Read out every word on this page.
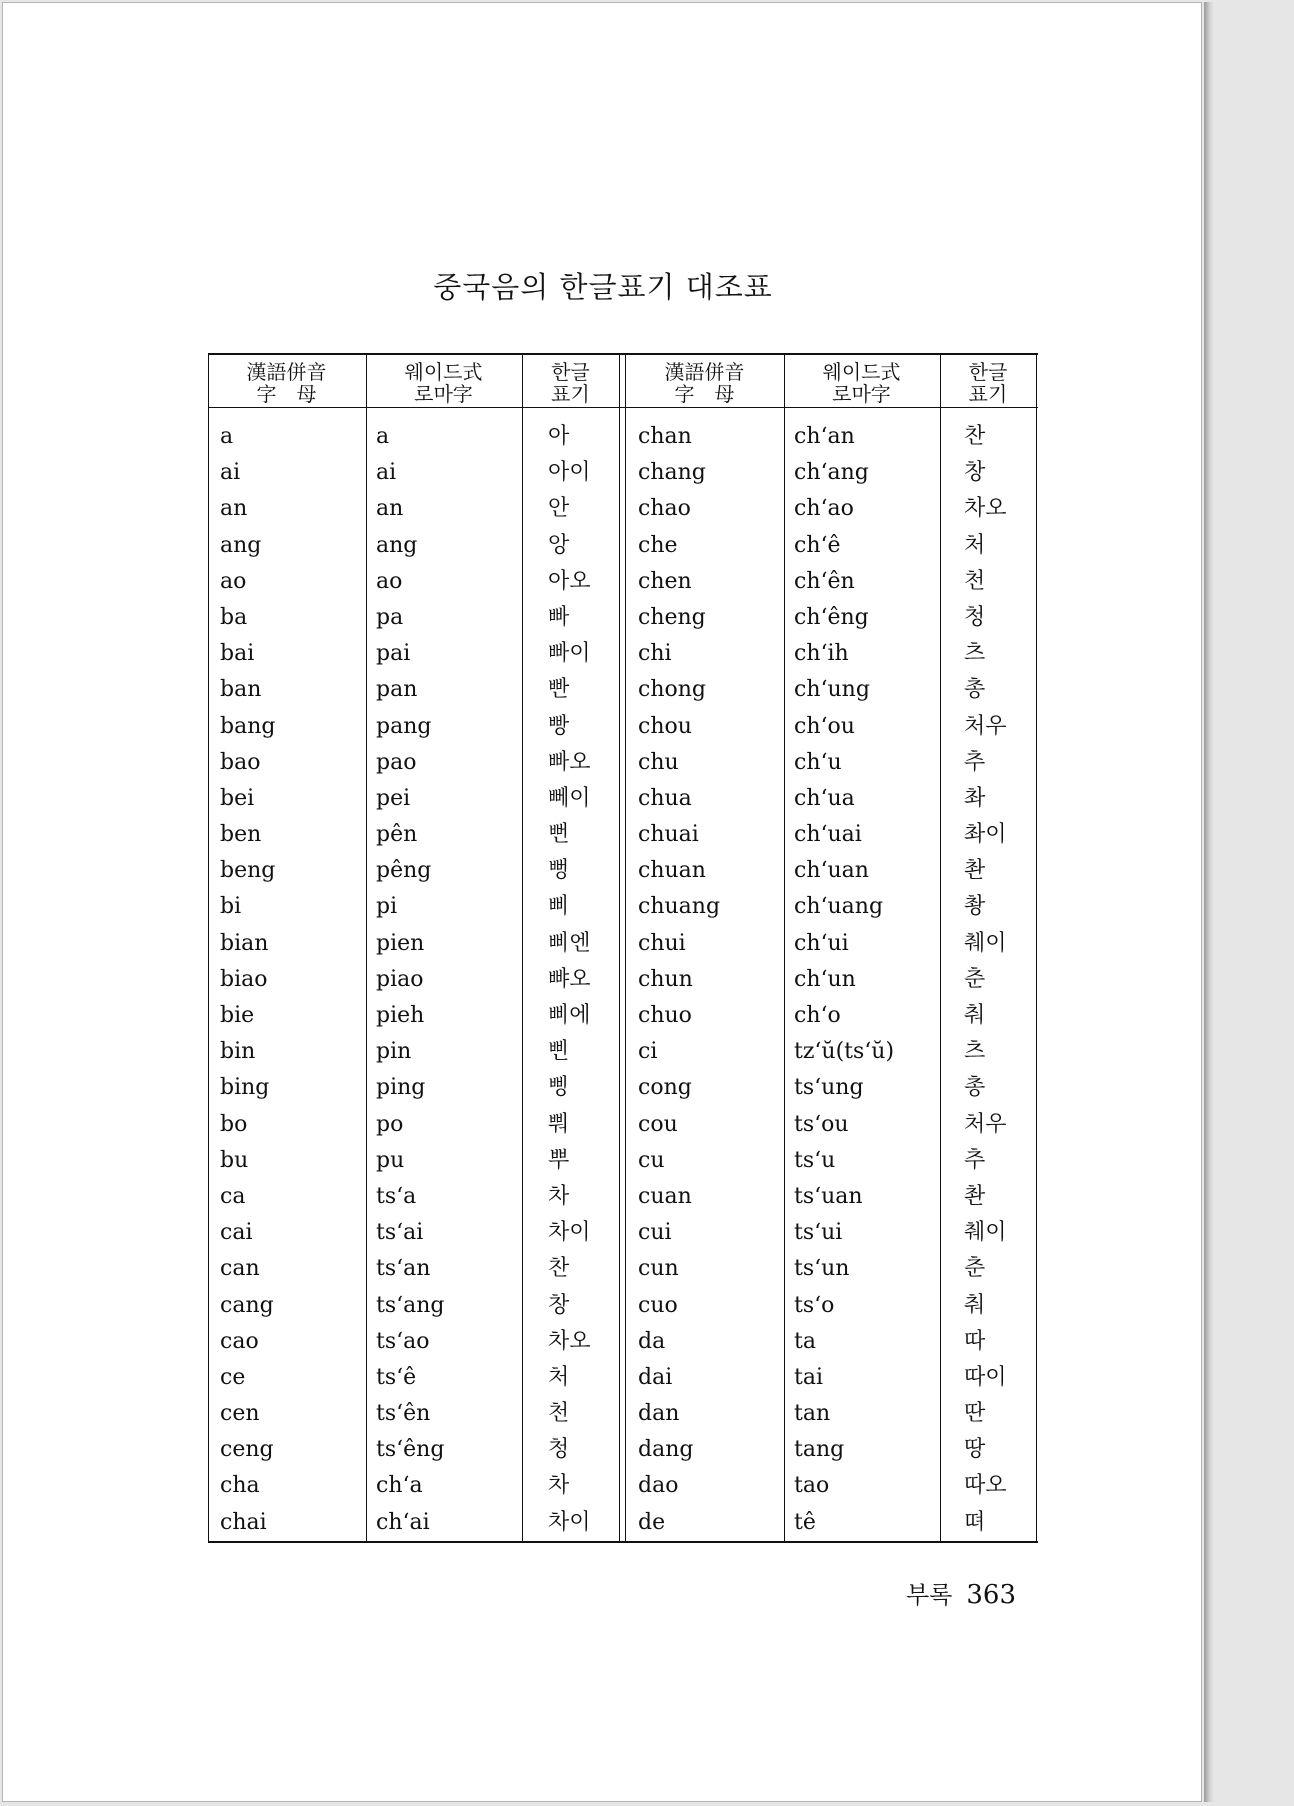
중국음의 한글표기 대조표
漢語併音
字　母
웨이드式
로마字
한글
표기
漢語併音
字　母
웨이드式
로마字
한글
표기
a
ai
an
ang
ao
ba
bai
ban
bang
bao
bei
ben
beng
bi
bian
biao
bie
bin
bing
bo
bu
ca
cai
can
cang
cao
ce
cen
ceng
cha
chai
a
ai
an
ang
ao
pa
pai
pan
pang
pao
pei
pên
pêng
pi
pien
piao
pieh
pin
ping
po
pu
ts‘a
ts‘ai
ts‘an
ts‘ang
ts‘ao
ts‘ê
ts‘ên
ts‘êng
ch‘a
ch‘ai
아
아이
안
앙
아오
빠
빠이
빤
빵
빠오
뻬이
뻔
뻥
삐
삐엔
뺘오
삐에
삔
삥
뿨
뿌
차
차이
찬
창
차오
처
천
청
차
차이
chan
chang
chao
che
chen
cheng
chi
chong
chou
chu
chua
chuai
chuan
chuang
chui
chun
chuo
ci
cong
cou
cu
cuan
cui
cun
cuo
da
dai
dan
dang
dao
de
ch‘an
ch‘ang
ch‘ao
ch‘ê
ch‘ên
ch‘êng
ch‘ih
ch‘ung
ch‘ou
ch‘u
ch‘ua
ch‘uai
ch‘uan
ch‘uang
ch‘ui
ch‘un
ch‘o
tz‘ŭ(ts‘ŭ)
ts‘ung
ts‘ou
ts‘u
ts‘uan
ts‘ui
ts‘un
ts‘o
ta
tai
tan
tang
tao
tê
찬
창
차오
처
천
청
츠
총
처우
추
촤
촤이
촨
촹
췌이
춘
춰
츠
총
처우
추
촨
췌이
춘
춰
따
따이
딴
땅
따오
뗘
부록 363
